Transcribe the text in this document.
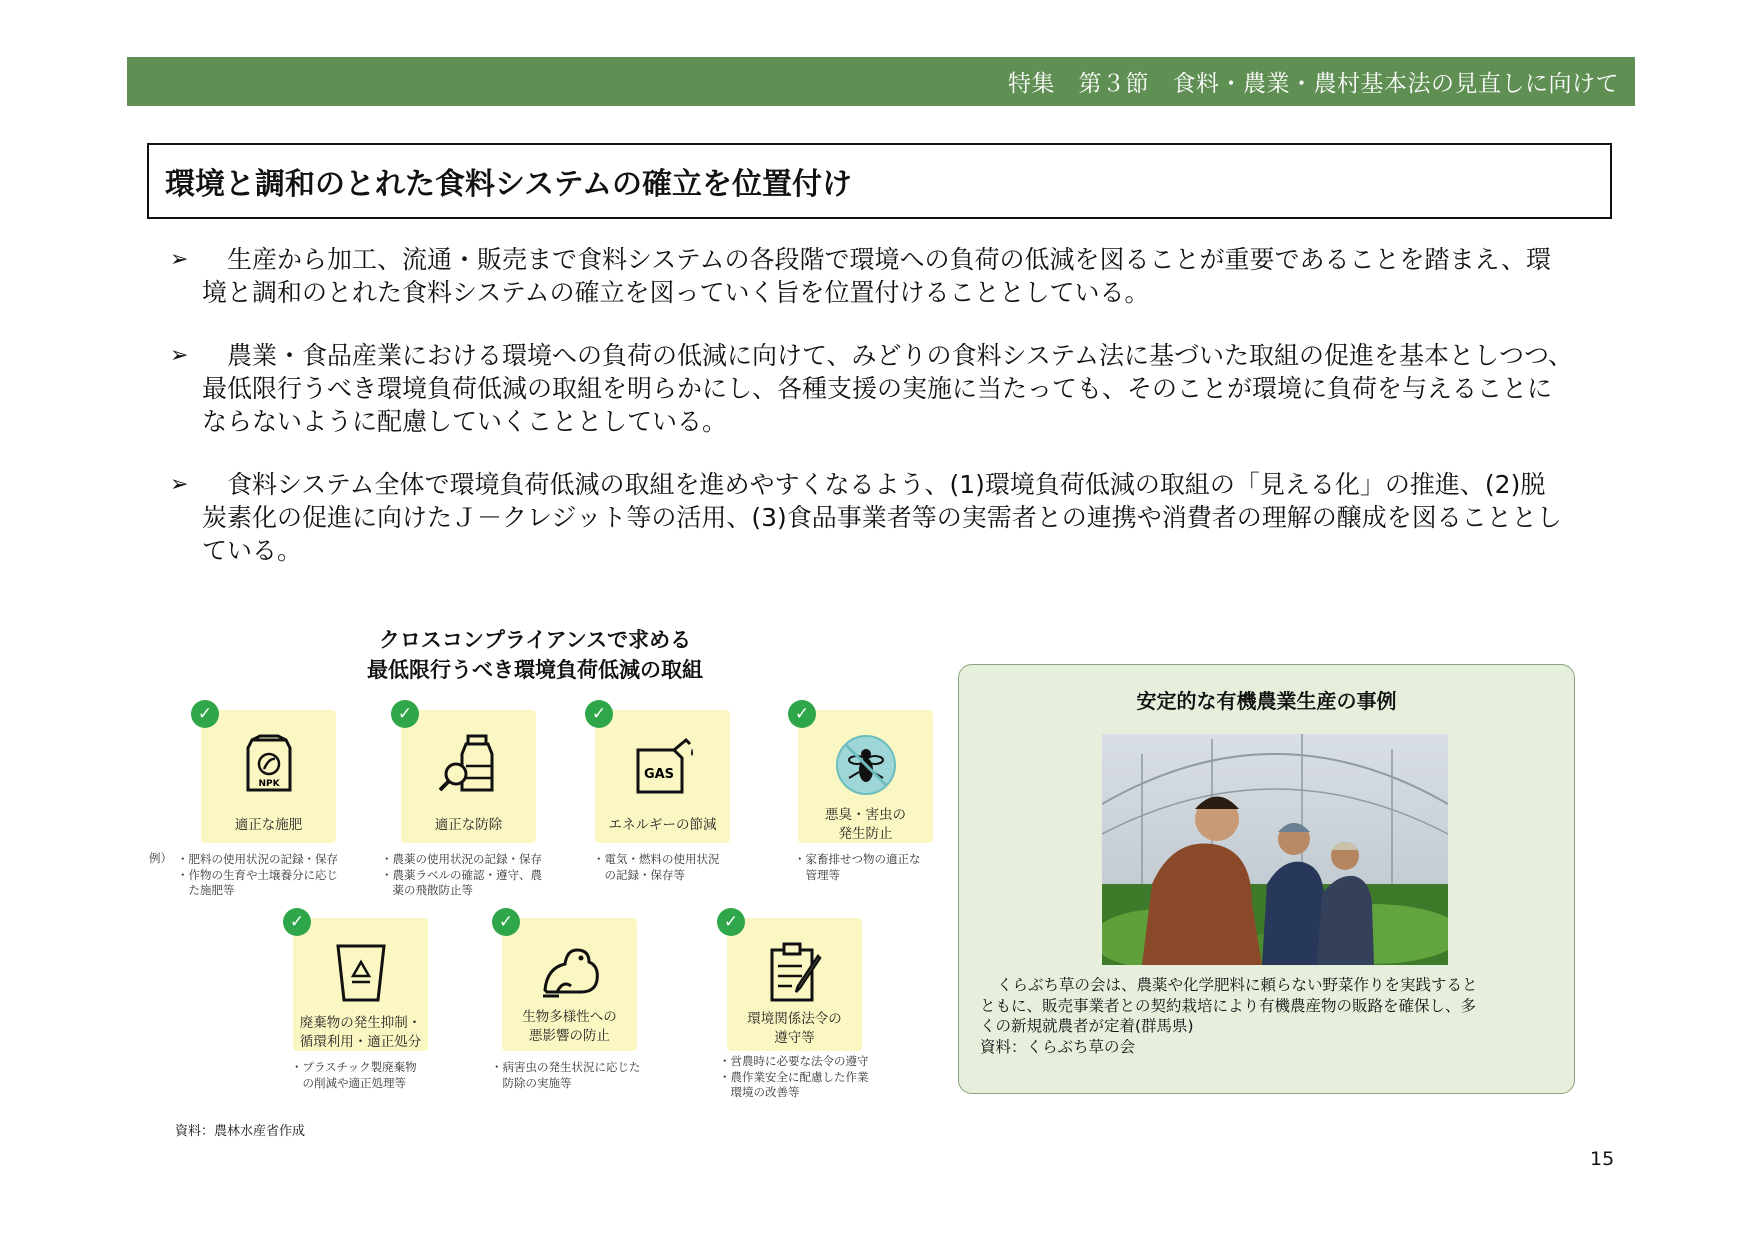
特集　第３節　食料・農業・農村基本法の見直しに向けて
環境と調和のとれた食料システムの確立を位置付け
➢	生産から加工、流通・販売まで食料システムの各段階で環境への負荷の低減を図ることが重要であることを踏まえ、環
境と調和のとれた食料システムの確立を図っていく旨を位置付けることとしている。
➢	農業・食品産業における環境への負荷の低減に向けて、みどりの食料システム法に基づいた取組の促進を基本としつつ、
最低限行うべき環境負荷低減の取組を明らかにし、各種支援の実施に当たっても、そのことが環境に負荷を与えることに
ならないように配慮していくこととしている。
➢	食料システム全体で環境負荷低減の取組を進めやすくなるよう、(1)環境負荷低減の取組の「見える化」の推進、(2)脱
炭素化の促進に向けたＪ－クレジット等の活用、(3)食品事業者等の実需者との連携や消費者の理解の醸成を図ることとし
ている。
クロスコンプライアンスで求める
最低限行うべき環境負荷低減の取組
例）
✓
NPK
適正な施肥
・肥料の使用状況の記録・保存
・作物の生育や土壌養分に応じ
　た施肥等
✓
適正な防除
・農薬の使用状況の記録・保存
・農薬ラベルの確認・遵守、農
　薬の飛散防止等
✓
GAS
エネルギーの節減
・電気・燃料の使用状況
　の記録・保存等
✓
悪臭・害虫の
発生防止
・家畜排せつ物の適正な
　管理等
✓
廃棄物の発生抑制・
循環利用・適正処分
・プラスチック製廃棄物
　の削減や適正処理等
✓
生物多様性への
悪影響の防止
・病害虫の発生状況に応じた
　防除の実施等
✓
環境関係法令の
遵守等
・営農時に必要な法令の遵守
・農作業安全に配慮した作業
　環境の改善等
資料：農林水産省作成
安定的な有機農業生産の事例
くらぶち草の会は、農薬や化学肥料に頼らない野菜作りを実践すると
ともに、販売事業者との契約栽培により有機農産物の販路を確保し、多
くの新規就農者が定着(群馬県)
資料：くらぶち草の会
15
